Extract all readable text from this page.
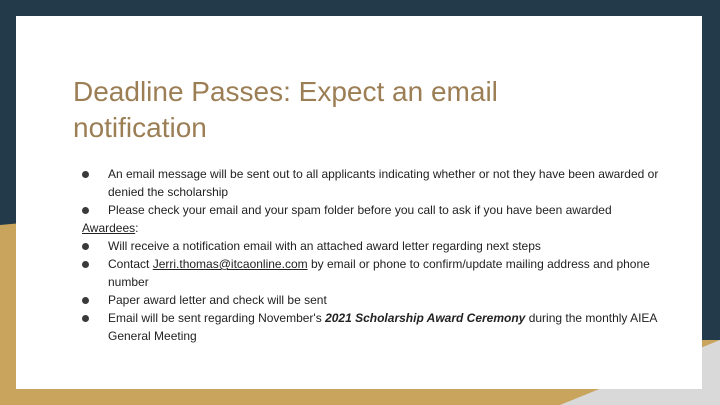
Deadline Passes: Expect an email notification
An email message will be sent out to all applicants indicating whether or not they have been awarded or denied the scholarship
Please check your email and your spam folder before you call to ask if you have been awarded
Awardees:
Will receive a notification email with an attached award letter regarding next steps
Contact Jerri.thomas@itcaonline.com by email or phone to confirm/update mailing address and phone number
Paper award letter and check will be sent
Email will be sent regarding November's 2021 Scholarship Award Ceremony during the monthly AIEA General Meeting
